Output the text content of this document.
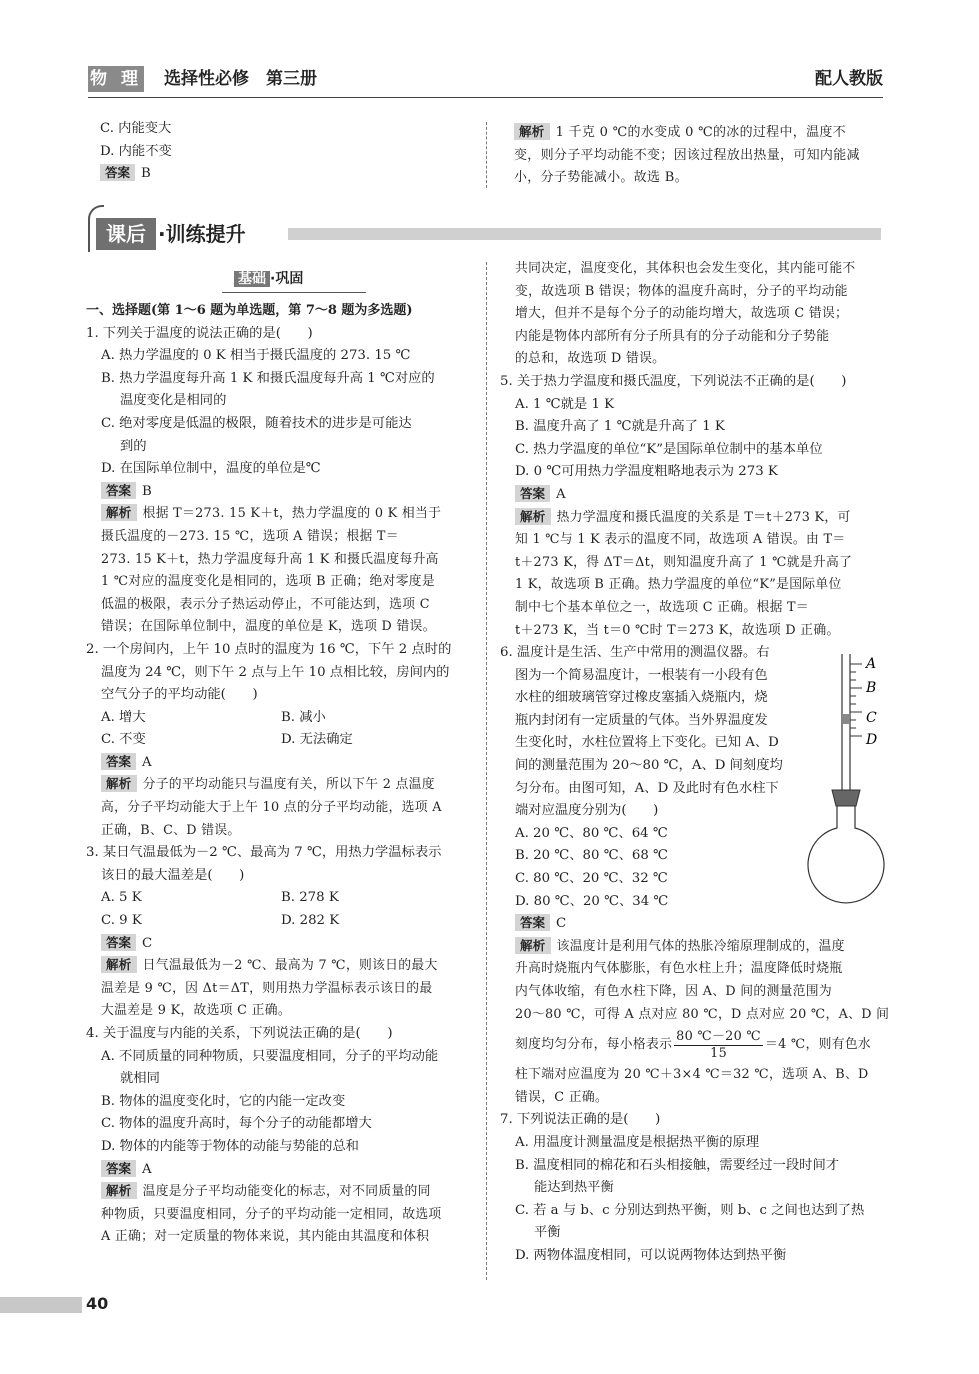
物 理 选择性必修　第三册	配人教版
C. 内能变大
D. 内能不变
答案 B
解析 1 千克 0 ℃的水变成 0 ℃的冰的过程中，温度不
变，则分子平均动能不变；因该过程放出热量，可知内能减
小，分子势能减小。故选 B。
课后 ·训练提升
基础 ·巩固
一、选择题(第 1～6 题为单选题，第 7～8 题为多选题)
1. 下列关于温度的说法正确的是(　　)
A. 热力学温度的 0 K 相当于摄氏温度的 273. 15 ℃
B. 热力学温度每升高 1 K 和摄氏温度每升高 1 ℃对应的
温度变化是相同的
C. 绝对零度是低温的极限，随着技术的进步是可能达
到的
D. 在国际单位制中，温度的单位是℃
答案 B
解析 根据 T＝273. 15 K＋t，热力学温度的 0 K 相当于
摄氏温度的－273. 15 ℃，选项 A 错误；根据 T＝
273. 15 K＋t，热力学温度每升高 1 K 和摄氏温度每升高
1 ℃对应的温度变化是相同的，选项 B 正确；绝对零度是
低温的极限，表示分子热运动停止，不可能达到，选项 C
错误；在国际单位制中，温度的单位是 K，选项 D 错误。
2. 一个房间内，上午 10 点时的温度为 16 ℃，下午 2 点时的
温度为 24 ℃，则下午 2 点与上午 10 点相比较，房间内的
空气分子的平均动能(　　)
A. 增大	B. 减小
C. 不变	D. 无法确定
答案 A
解析 分子的平均动能只与温度有关，所以下午 2 点温度
高，分子平均动能大于上午 10 点的分子平均动能，选项 A
正确，B、C、D 错误。
3. 某日气温最低为－2 ℃、最高为 7 ℃，用热力学温标表示
该日的最大温差是(　　)
A. 5 K	B. 278 K
C. 9 K	D. 282 K
答案 C
解析 日气温最低为－2 ℃、最高为 7 ℃，则该日的最大
温差是 9 ℃，因 Δt＝ΔT，则用热力学温标表示该日的最
大温差是 9 K，故选项 C 正确。
4. 关于温度与内能的关系，下列说法正确的是(　　)
A. 不同质量的同种物质，只要温度相同，分子的平均动能
就相同
B. 物体的温度变化时，它的内能一定改变
C. 物体的温度升高时，每个分子的动能都增大
D. 物体的内能等于物体的动能与势能的总和
答案 A
解析 温度是分子平均动能变化的标志，对不同质量的同
种物质，只要温度相同，分子的平均动能一定相同，故选项
A 正确；对一定质量的物体来说，其内能由其温度和体积
共同决定，温度变化，其体积也会发生变化，其内能可能不
变，故选项 B 错误；物体的温度升高时，分子的平均动能
增大，但并不是每个分子的动能均增大，故选项 C 错误；
内能是物体内部所有分子所具有的分子动能和分子势能
的总和，故选项 D 错误。
5. 关于热力学温度和摄氏温度，下列说法不正确的是(　　)
A. 1 ℃就是 1 K
B. 温度升高了 1 ℃就是升高了 1 K
C. 热力学温度的单位“K”是国际单位制中的基本单位
D. 0 ℃可用热力学温度粗略地表示为 273 K
答案 A
解析 热力学温度和摄氏温度的关系是 T＝t＋273 K，可
知 1 ℃与 1 K 表示的温度不同，故选项 A 错误。由 T＝
t＋273 K，得 ΔT＝Δt，则知温度升高了 1 ℃就是升高了
1 K，故选项 B 正确。热力学温度的单位“K”是国际单位
制中七个基本单位之一，故选项 C 正确。根据 T＝
t＋273 K，当 t＝0 ℃时 T＝273 K，故选项 D 正确。
6. 温度计是生活、生产中常用的测温仪器。右
图为一个简易温度计，一根装有一小段有色
水柱的细玻璃管穿过橡皮塞插入烧瓶内，烧
瓶内封闭有一定质量的气体。当外界温度发
生变化时，水柱位置将上下变化。已知 A、D
间的测量范围为 20～80 ℃，A、D 间刻度均
匀分布。由图可知，A、D 及此时有色水柱下
端对应温度分别为(　　)
A. 20 ℃、80 ℃、64 ℃
B. 20 ℃、80 ℃、68 ℃
C. 80 ℃、20 ℃、32 ℃
D. 80 ℃、20 ℃、34 ℃
答案 C
解析 该温度计是利用气体的热胀冷缩原理制成的，温度
升高时烧瓶内气体膨胀，有色水柱上升；温度降低时烧瓶
内气体收缩，有色水柱下降，因 A、D 间的测量范围为
20～80 ℃，可得 A 点对应 80 ℃，D 点对应 20 ℃，A、D 间
刻度均匀分布，每小格表示 $\frac{80 ℃-20 ℃}{15} =4$ ℃，则有色水
柱下端对应温度为 20 ℃＋3×4 ℃＝32 ℃，选项 A、B、D
错误，C 正确。
7. 下列说法正确的是(　　)
A. 用温度计测量温度是根据热平衡的原理
B. 温度相同的棉花和石头相接触，需要经过一段时间才
能达到热平衡
C. 若 a 与 b、c 分别达到热平衡，则 b、c 之间也达到了热
平衡
D. 两物体温度相同，可以说两物体达到热平衡
A
B
C
D
40
